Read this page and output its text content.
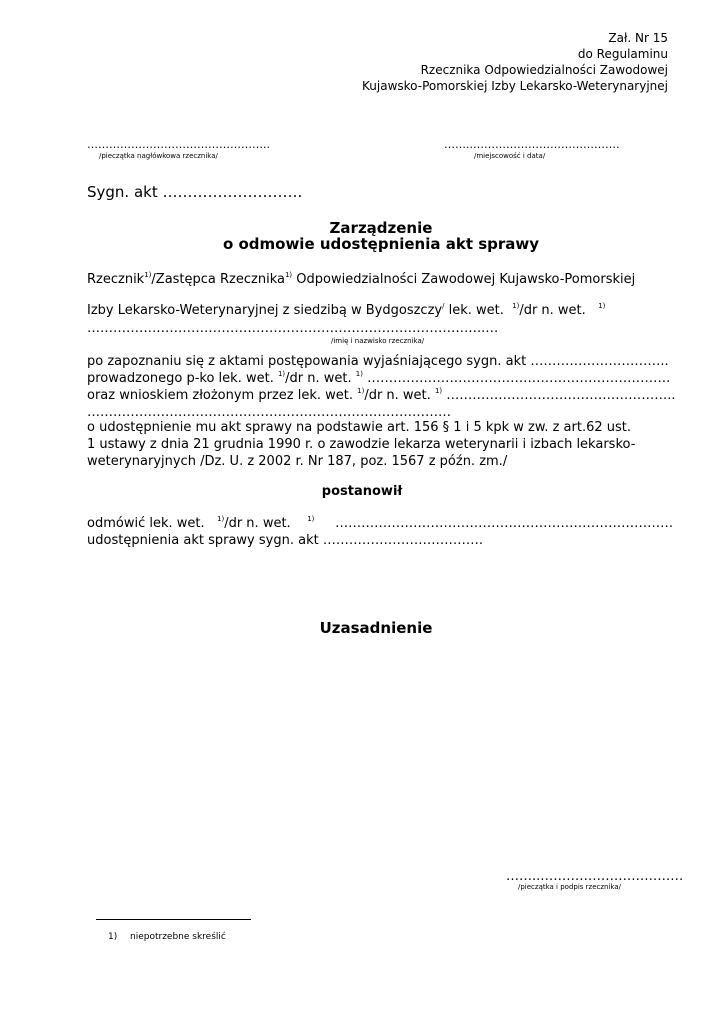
Zał. Nr 15
do Regulaminu
Rzecznika Odpowiedzialności Zawodowej
Kujawsko-Pomorskiej Izby Lekarsko-Weterynaryjnej
…………………………………………..
/pieczątka nagłówkowa rzecznika/
……..………………………………….
/miejscowość i data/
Sygn. akt ……………………….
Zarządzenie
o odmowie udostępnienia akt sprawy
Rzecznik$^{1)}$/Zastępca Rzecznika$^{1)}$ Odpowiedzialności Zawodowej Kujawsko-Pomorskiej
Izby Lekarsko-Weterynaryjnej z siedzibą w Bydgoszczy/ lek. wet. $^{1)}$/dr n. wet. $^{1)}$
………………………………………………………………………………..…
/imię i nazwisko rzecznika/
po zapoznaniu się z aktami postępowania wyjaśniającego sygn. akt …………………………..
prowadzonego p-ko lek. wet. $^{1)}$/dr n. wet. $^{1)}$ …………………………………………………………….
oraz wnioskiem złożonym przez lek. wet. $^{1)}$/dr n. wet. $^{1)}$ ……………………………………………..
…………………………………………………………………………
o udostępnienie mu akt sprawy na podstawie art. 156 § 1 i 5 kpk w zw. z art.62 ust.
1 ustawy z dnia 21 grudnia 1990 r. o zawodzie lekarza weterynarii i izbach lekarsko-
weterynaryjnych /Dz. U. z 2002 r. Nr 187, poz. 1567 z późn. zm./
postanowił
odmówić lek. wet. $^{1)}$/dr n. wet. $^{1)}$ ……………………………………………………………………
udostępnienia akt sprawy sygn. akt ……………………………….
Uzasadnienie
……..……………………………
/pieczątka i podpis rzecznika/
1) niepotrzebne skreślić
